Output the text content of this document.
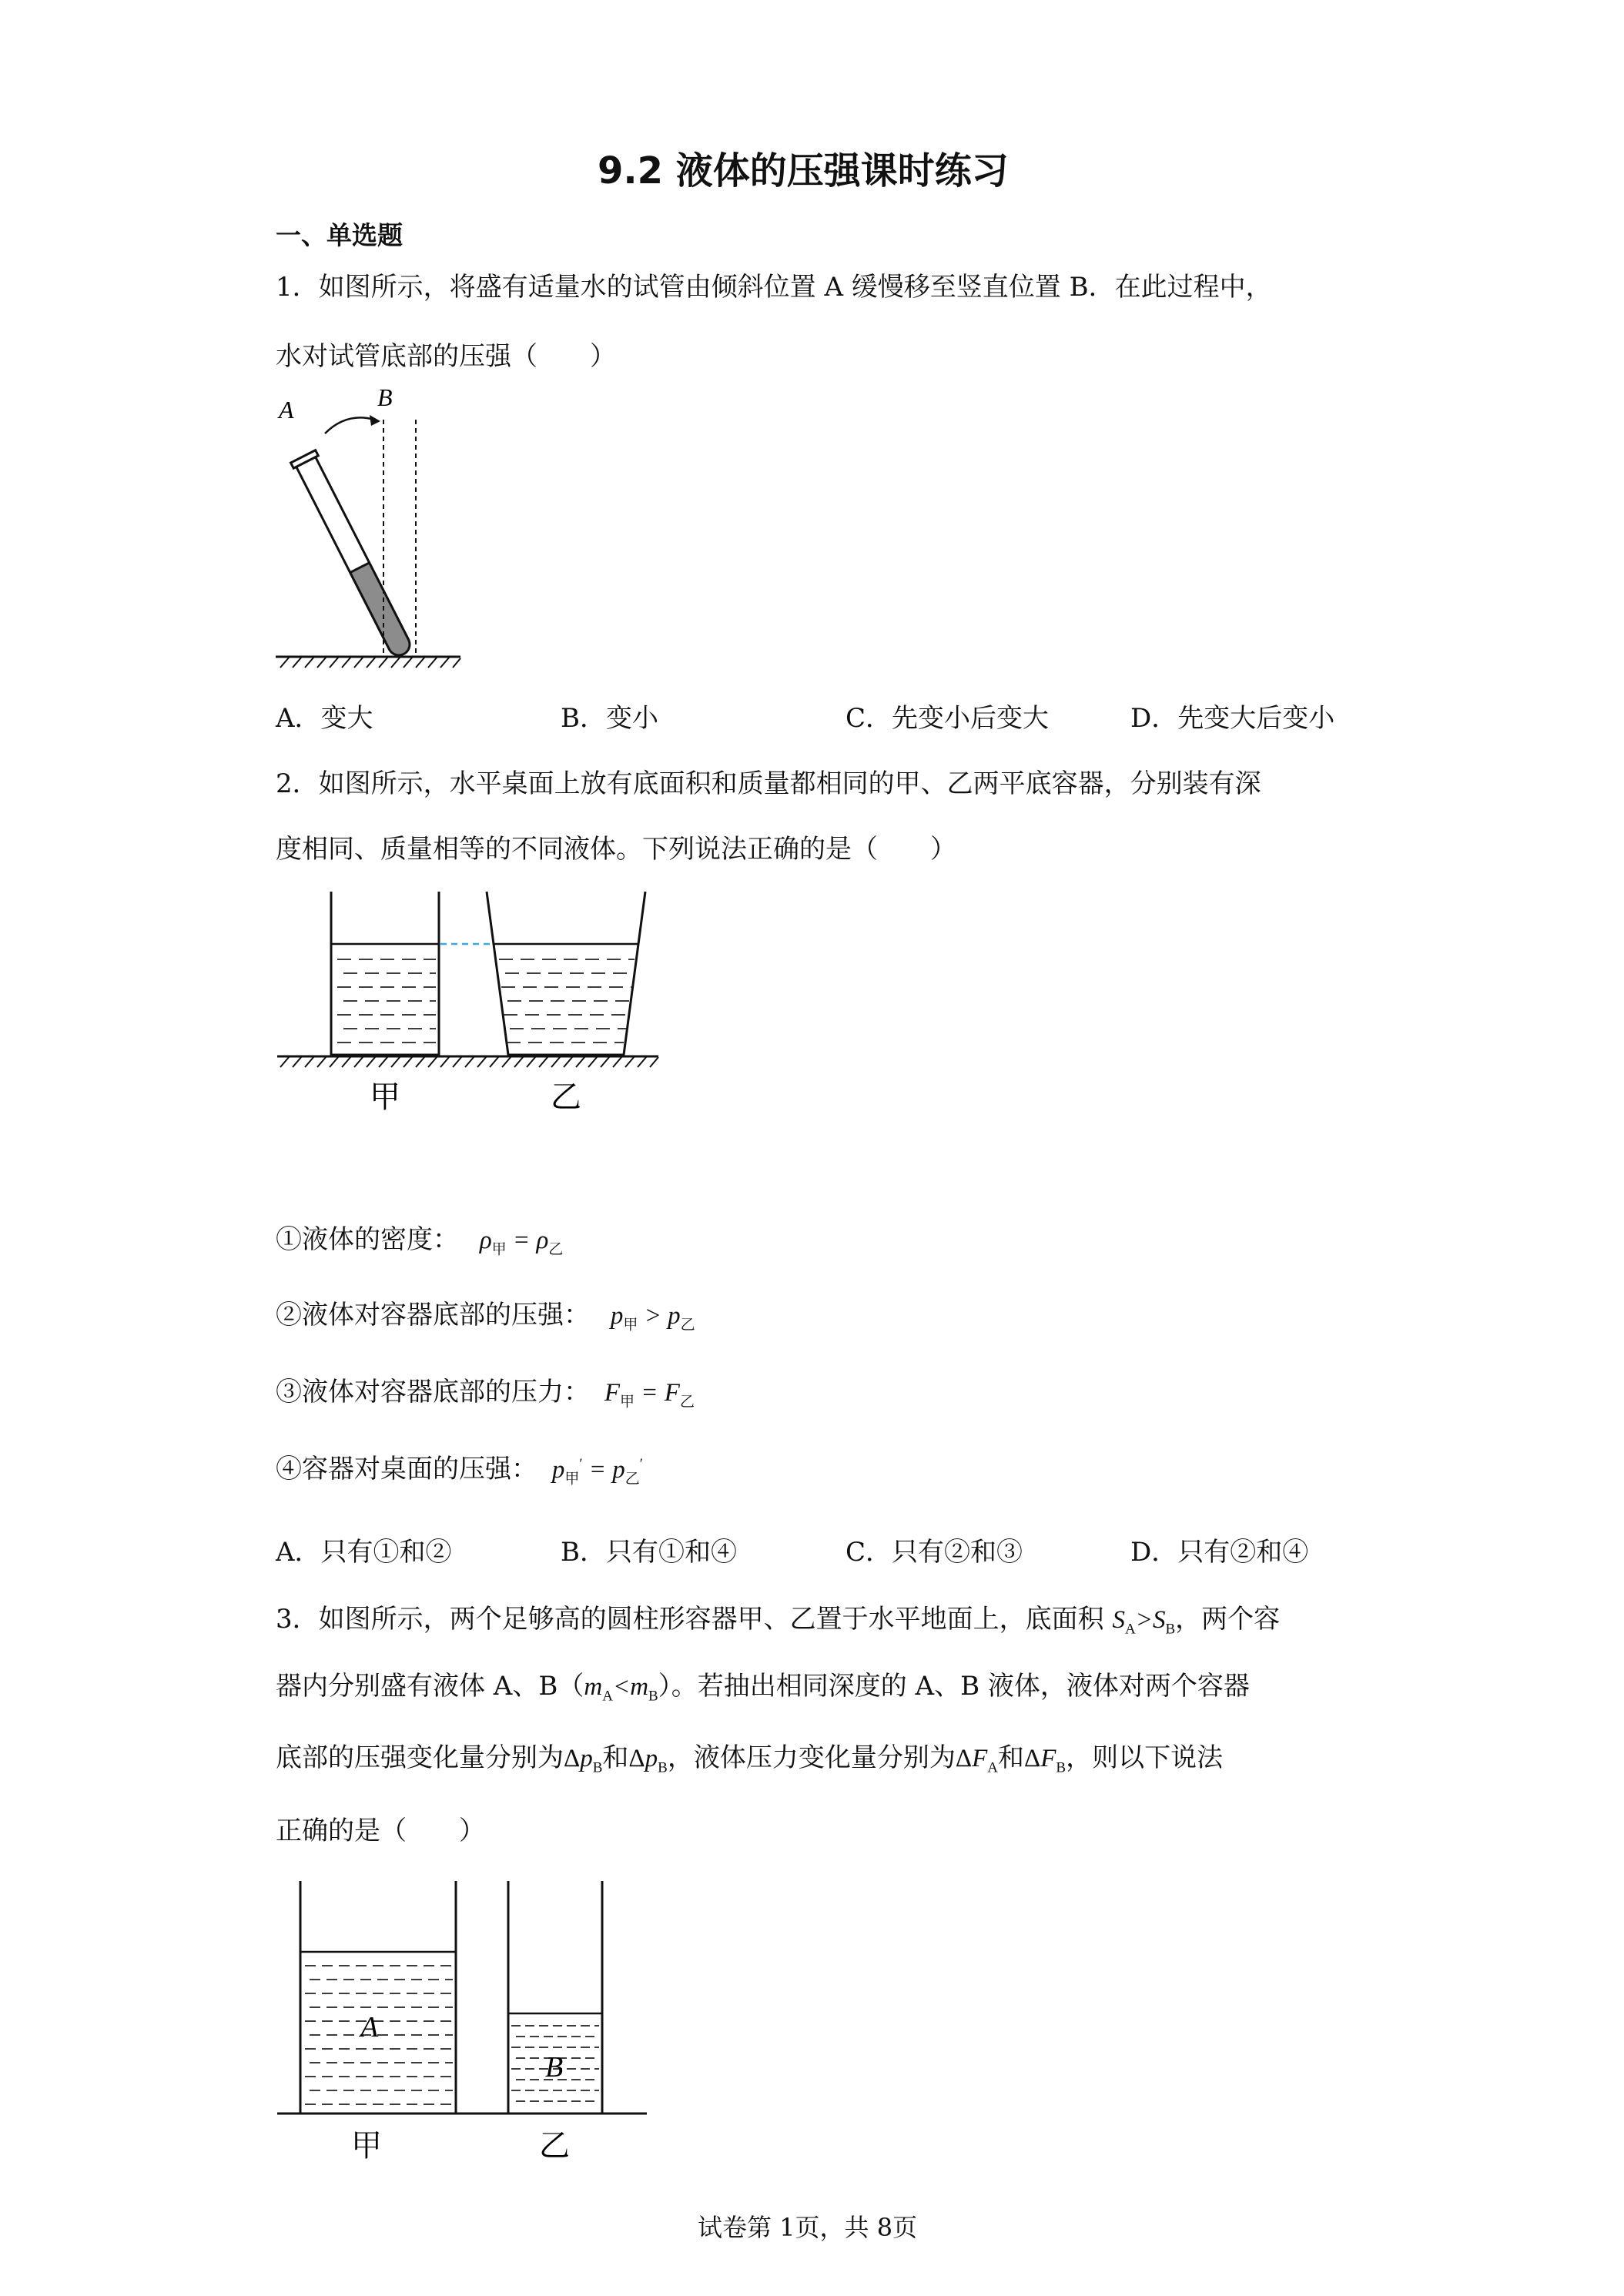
9.2 液体的压强课时练习
一、单选题
1．如图所示，将盛有适量水的试管由倾斜位置 A 缓慢移至竖直位置 B．在此过程中，
水对试管底部的压强（　　）
A	B
A．变大	B．变小	C．先变小后变大	D．先变大后变小
2．如图所示，水平桌面上放有底面积和质量都相同的甲、乙两平底容器，分别装有深
度相同、质量相等的不同液体。下列说法正确的是（　　）
甲	乙
①液体的密度： $\rho_甲 = \rho_乙$
②液体对容器底部的压强： $p_甲 > p_乙$
③液体对容器底部的压力： $F_甲 = F_乙$
④容器对桌面的压强： $p_甲' = p_乙'$
A．只有①和②	B．只有①和④	C．只有②和③	D．只有②和④
3．如图所示，两个足够高的圆柱形容器甲、乙置于水平地面上，底面积 $S_A>S_B$，两个容
器内分别盛有液体 A、$B(m_A<m_B)$。若抽出相同深度的 A、B 液体，液体对两个容器
底部的压强变化量分别为$\Delta p_B$和$\Delta p_B$，液体压力变化量分别为$\Delta F_A$和$\Delta F_B$，则以下说法
正确的是（　　）
A
B
甲	乙
试卷第 1页，共 8页
